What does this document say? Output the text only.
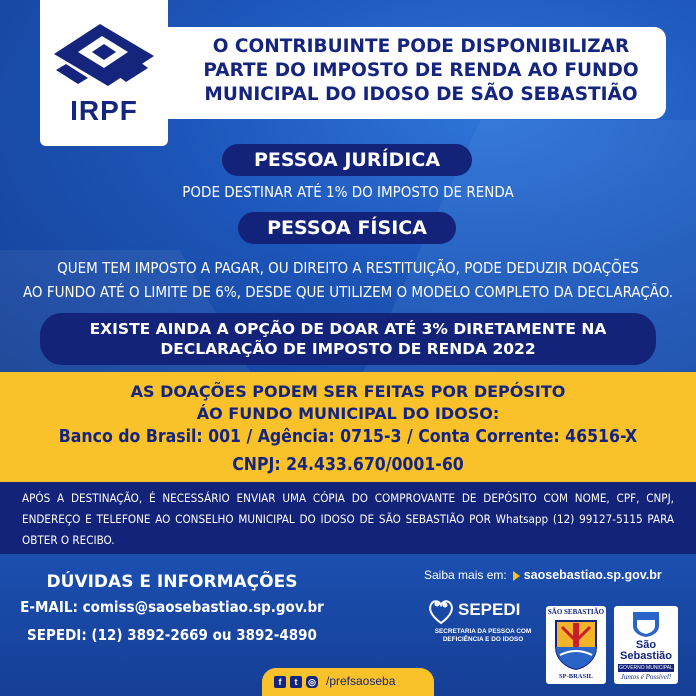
IRPF
O CONTRIBUINTE PODE DISPONIBILIZAR
PARTE DO IMPOSTO DE RENDA AO FUNDO
MUNICIPAL DO IDOSO DE SÃO SEBASTIÃO
PESSOA JURÍDICA
PODE DESTINAR ATÉ 1% DO IMPOSTO DE RENDA
PESSOA FÍSICA
QUEM TEM IMPOSTO A PAGAR, OU DIREITO A RESTITUIÇÃO, PODE DEDUZIR DOAÇÕES
AO FUNDO ATÉ O LIMITE DE 6%, DESDE QUE UTILIZEM O MODELO COMPLETO DA DECLARAÇÃO.
EXISTE AINDA A OPÇÃO DE DOAR ATÉ 3% DIRETAMENTE NA
DECLARAÇÃO DE IMPOSTO DE RENDA 2022
AS DOAÇÕES PODEM SER FEITAS POR DEPÓSITO
ÁO FUNDO MUNICIPAL DO IDOSO:
Banco do Brasil: 001 / Agência: 0715-3 / Conta Corrente: 46516-X
CNPJ: 24.433.670/0001-60
APÓS A DESTINAÇÃO, É NECESSÁRIO ENVIAR UMA CÓPIA DO COMPROVANTE DE DEPÓSITO COM NOME, CPF, CNPJ, ENDEREÇO E TELEFONE AO CONSELHO MUNICIPAL DO IDOSO DE SÃO SEBASTIÃO POR Whatsapp (12) 99127-5115 PARA OBTER O RECIBO.
DÚVIDAS E INFORMAÇÕES
E-MAIL: comiss@saosebastiao.sp.gov.br
SEPEDI: (12) 3892-2669 ou 3892-4890
Saiba mais em: saosebastiao.sp.gov.br
SEPEDI
SECRETARIA DA PESSOA COM
DEFICIÊNCIA E DO IDOSO
SÃO SEBASTIÃO
SP-BRASIL
São
Sebastião
GOVERNO MUNICIPAL
Juntos é Possível!
f	t	◎ /prefsaoseba
